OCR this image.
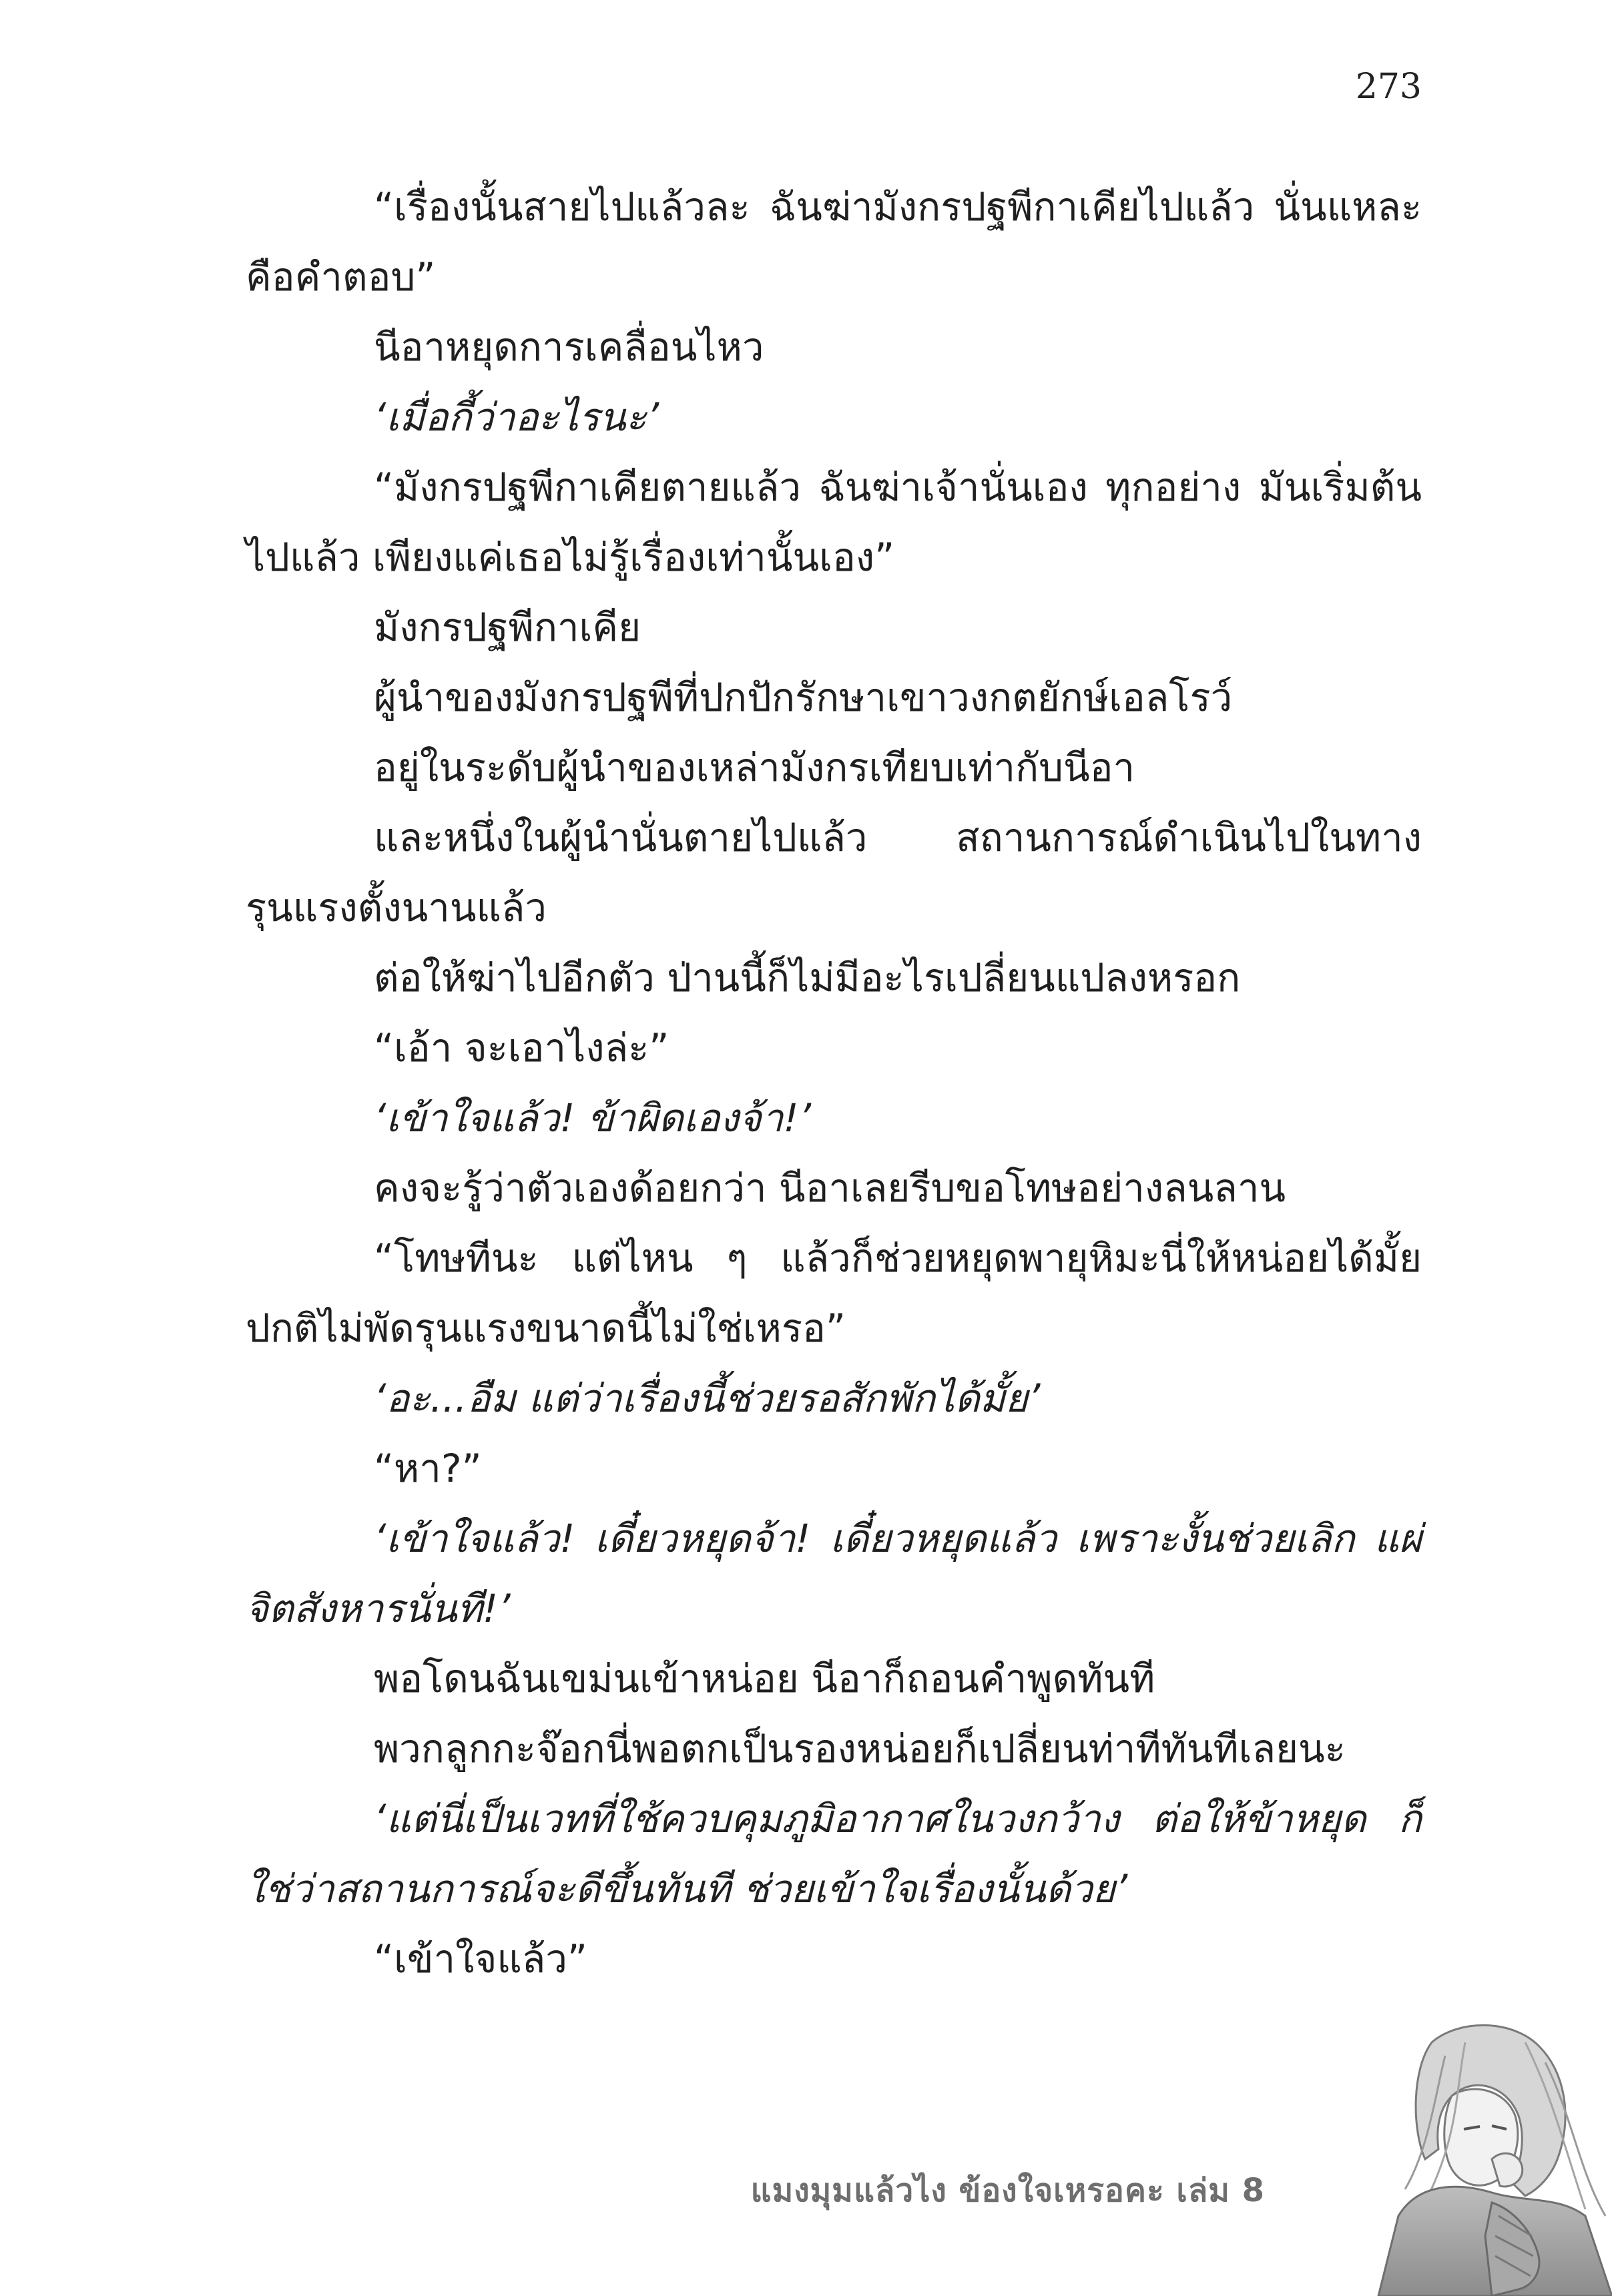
273

“เรื่องนั้นสายไปแล้วละ ฉันฆ่ามังกรปฐพีกาเคียไปแล้ว นั่นแหละคือคำตอบ”

นีอาหยุดการเคลื่อนไหว

‘เมื่อกี้ว่าอะไรนะ’

“มังกรปฐพีกาเคียตายแล้ว ฉันฆ่าเจ้านั่นเอง ทุกอย่าง มันเริ่มต้นไปแล้ว เพียงแค่เธอไม่รู้เรื่องเท่านั้นเอง”

มังกรปฐพีกาเคีย

ผู้นำของมังกรปฐพีที่ปกปักรักษาเขาวงกตยักษ์เอลโรว์

อยู่ในระดับผู้นำของเหล่ามังกรเทียบเท่ากับนีอา

และหนึ่งในผู้นำนั่นตายไปแล้ว สถานการณ์ดำเนินไปในทาง รุนแรงตั้งนานแล้ว

ต่อให้ฆ่าไปอีกตัว ป่านนี้ก็ไม่มีอะไรเปลี่ยนแปลงหรอก

“เอ้า จะเอาไงล่ะ”

‘เข้าใจแล้ว! ข้าผิดเองจ้า!’

คงจะรู้ว่าตัวเองด้อยกว่า นีอาเลยรีบขอโทษอย่างลนลาน

“โทษทีนะ แต่ไหน ๆ แล้วก็ช่วยหยุดพายุหิมะนี่ให้หน่อยได้มั้ย ปกติไม่พัดรุนแรงขนาดนี้ไม่ใช่เหรอ”

‘อะ...อืม แต่ว่าเรื่องนี้ช่วยรอสักพักได้มั้ย’

“หา?”

‘เข้าใจแล้ว! เดี๋ยวหยุดจ้า! เดี๋ยวหยุดแล้ว เพราะงั้นช่วยเลิก แผ่จิตสังหารนั่นที!’

พอโดนฉันเขม่นเข้าหน่อย นีอาก็ถอนคำพูดทันที

พวกลูกกะจ๊อกนี่พอตกเป็นรองหน่อยก็เปลี่ยนท่าทีทันทีเลยนะ

‘แต่นี่เป็นเวทที่ใช้ควบคุมภูมิอากาศในวงกว้าง ต่อให้ข้าหยุด ก็ใช่ว่าสถานการณ์จะดีขึ้นทันที ช่วยเข้าใจเรื่องนั้นด้วย’

“เข้าใจแล้ว”

แมงมุมแล้วไง ข้องใจเหรอคะ เล่ม 8
